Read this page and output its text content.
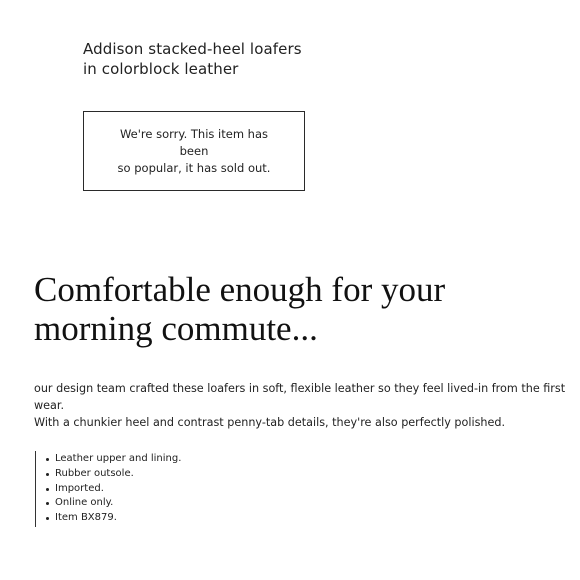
Addison stacked-heel loafers
in colorblock leather

We're sorry. This item has been
so popular, it has sold out.

Comfortable enough for your
morning commute...

our design team crafted these loafers in soft, flexible leather so they feel lived-in from the first wear.
With a chunkier heel and contrast penny-tab details, they're also perfectly polished.

Leather upper and lining.
Rubber outsole.
Imported.
Online only.
Item BX879.
